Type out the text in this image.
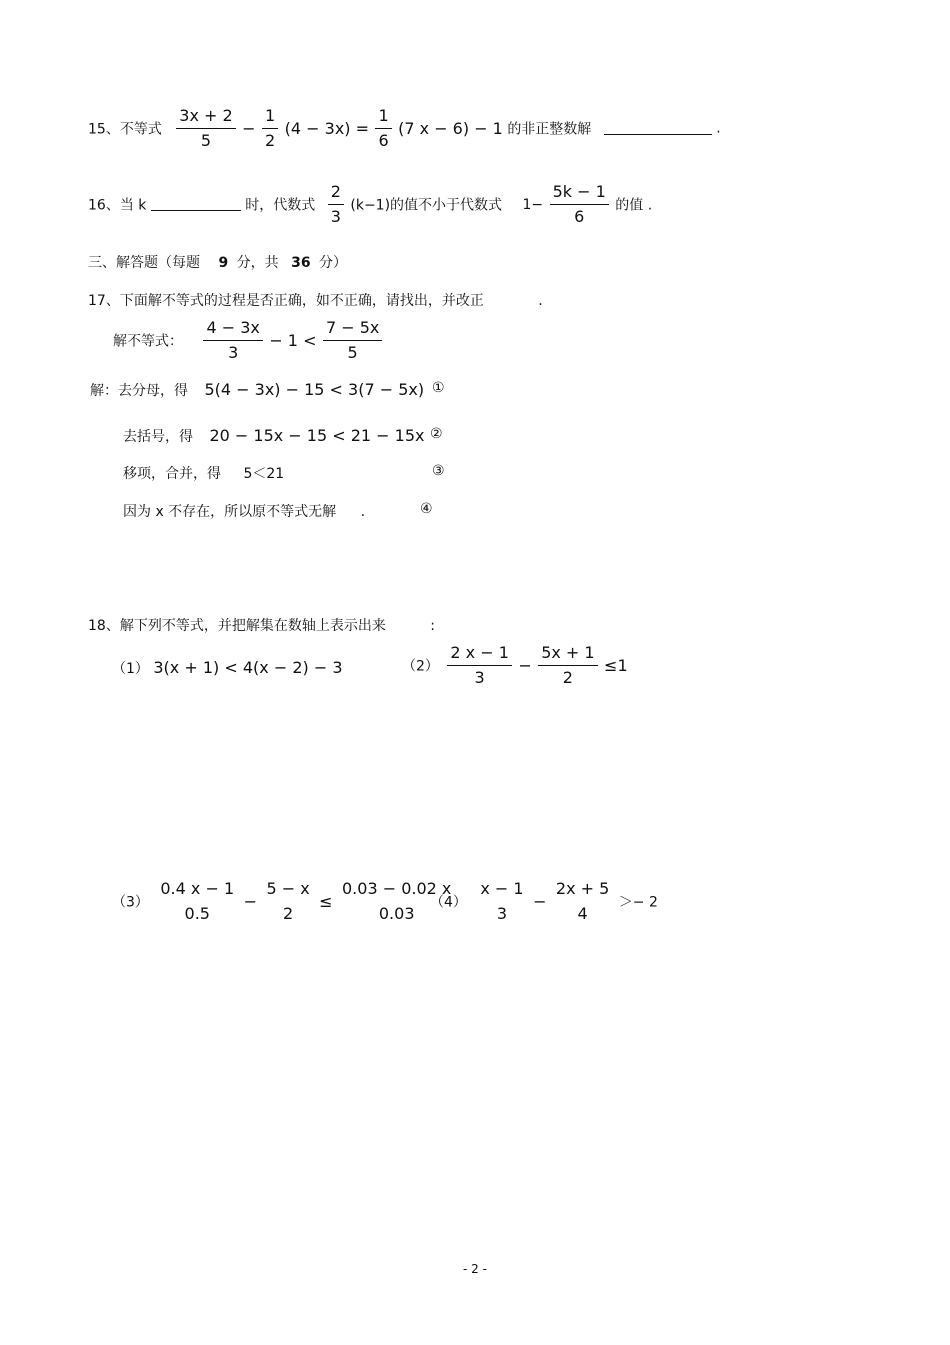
15、不等式 $\frac{3x + 2}{5} - \frac{1}{2} (4 - 3x) = \frac{1}{6} (7$ x − 6) − 1 的非正整数解	.
16、当 k	时，代数式 $\frac{2}{3} (k-1)$的值不小于代数式 $1- \frac{5k - 1}{6}$ 的值 .
三、解答题（每题 9 分，共 36 分）
17、下面解不等式的过程是否正确，如不正确，请找出，并改正	.
解不等式： $\frac{4 - 3x}{3} - 1 < \frac{7 - 5x}{5}$
解：去分母，得 5(4 − 3x) − 15 < 3(7 − 5x) ①
去括号，得 20 − 15x − 15 < 21 − 15x ②
移项，合并，得 5＜21	③
因为 x 不存在，所以原不等式无解 .	④
18、解下列不等式，并把解集在数轴上表示出来	:
（1） 3(x + 1) < 4(x − 2) − 3	$(2) \frac{2 x - 1}{3} - \frac{5x + 1}{2} \le 1$
（3）
0.4 x − 1
0.5
−
5 − x
2
≤
0.03 − 0.02 x
0.03
（4）
x − 1
3
−
2x + 5
4
＞− 2
- 2 -
